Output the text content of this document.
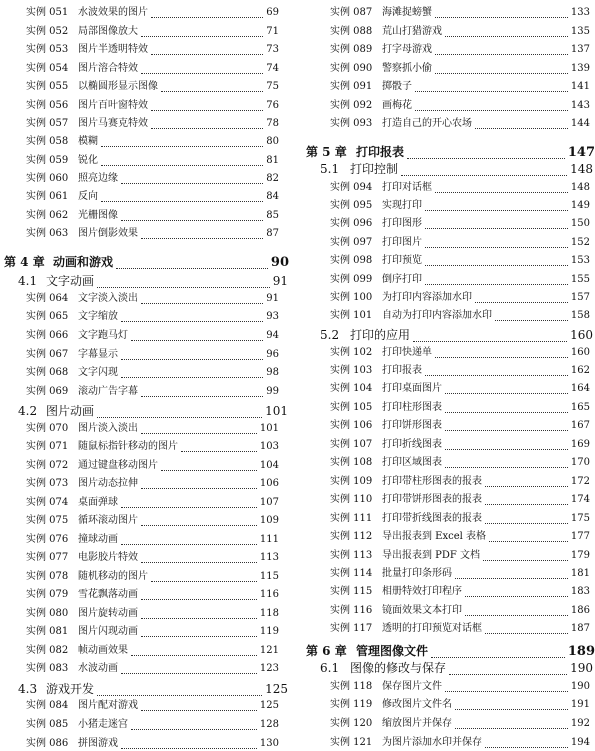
实例 051 水波效果的图片	69
实例 052 局部图像放大	71
实例 053 图片半透明特效	73
实例 054 图片溶合特效	74
实例 055 以椭圆形显示图像	75
实例 056 图片百叶窗特效	76
实例 057 图片马赛克特效	78
实例 058 模糊	80
实例 059 锐化	81
实例 060 照亮边缘	82
实例 061 反向	84
实例 062 光栅图像	85
实例 063 图片倒影效果	87
第 4 章 动画和游戏	90
4.1 文字动画	91
实例 064 文字淡入淡出	91
实例 065 文字缩放	93
实例 066 文字跑马灯	94
实例 067 字幕显示	96
实例 068 文字闪现	98
实例 069 滚动广告字幕	99
4.2 图片动画	101
实例 070 图片淡入淡出	101
实例 071 随鼠标指针移动的图片	103
实例 072 通过键盘移动图片	104
实例 073 图片动态拉伸	106
实例 074 桌面弹球	107
实例 075 循环滚动图片	109
实例 076 撞球动画	111
实例 077 电影胶片特效	113
实例 078 随机移动的图片	115
实例 079 雪花飘落动画	116
实例 080 图片旋转动画	118
实例 081 图片闪现动画	119
实例 082 帧动画效果	121
实例 083 水波动画	123
4.3 游戏开发	125
实例 084 图片配对游戏	125
实例 085 小猪走迷宫	128
实例 086 拼图游戏	130
实例 087 海滩捉螃蟹	133
实例 088 荒山打猎游戏	135
实例 089 打字母游戏	137
实例 090 警察抓小偷	139
实例 091 掷骰子	141
实例 092 画梅花	143
实例 093 打造自己的开心农场	144
第 5 章 打印报表	147
5.1 打印控制	148
实例 094 打印对话框	148
实例 095 实现打印	149
实例 096 打印图形	150
实例 097 打印图片	152
实例 098 打印预览	153
实例 099 倒序打印	155
实例 100 为打印内容添加水印	157
实例 101 自动为打印内容添加水印	158
5.2 打印的应用	160
实例 102 打印快递单	160
实例 103 打印报表	162
实例 104 打印桌面图片	164
实例 105 打印柱形图表	165
实例 106 打印饼形图表	167
实例 107 打印折线图表	169
实例 108 打印区域图表	170
实例 109 打印带柱形图表的报表	172
实例 110 打印带饼形图表的报表	174
实例 111 打印带折线图表的报表	175
实例 112 导出报表到 Excel 表格	177
实例 113 导出报表到 PDF 文档	179
实例 114 批量打印条形码	181
实例 115 相册特效打印程序	183
实例 116 镜面效果文本打印	186
实例 117 透明的打印预览对话框	187
第 6 章 管理图像文件	189
6.1 图像的修改与保存	190
实例 118 保存图片文件	190
实例 119 修改图片文件名	191
实例 120 缩放图片并保存	192
实例 121 为图片添加水印并保存	194
